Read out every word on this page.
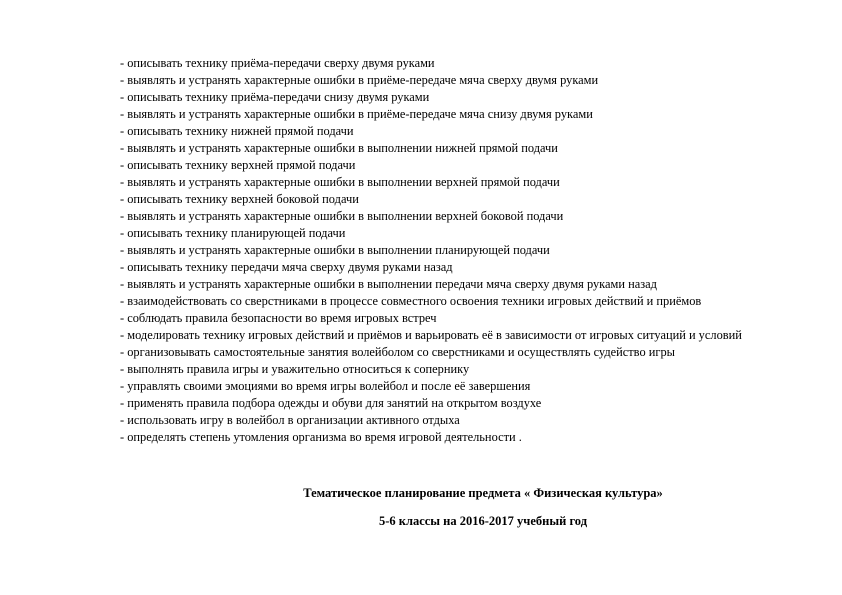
- описывать технику приёма-передачи сверху двумя руками
- выявлять и устранять характерные ошибки в приёме-передаче мяча сверху двумя руками
- описывать технику приёма-передачи снизу двумя руками
- выявлять и устранять характерные ошибки в приёме-передаче мяча снизу двумя руками
- описывать технику нижней прямой подачи
- выявлять и устранять характерные ошибки в выполнении нижней прямой подачи
- описывать технику верхней прямой подачи
- выявлять и устранять характерные ошибки в выполнении верхней прямой подачи
- описывать технику верхней боковой подачи
- выявлять и устранять характерные ошибки в выполнении верхней боковой подачи
- описывать технику планирующей подачи
- выявлять и устранять характерные ошибки в выполнении планирующей подачи
- описывать технику передачи мяча сверху двумя руками назад
- выявлять и устранять характерные ошибки в выполнении передачи мяча сверху двумя руками назад
- взаимодействовать со сверстниками в процессе совместного освоения техники игровых действий и приёмов
- соблюдать правила безопасности во время игровых встреч
- моделировать технику игровых действий и приёмов и варьировать её в зависимости от игровых ситуаций и условий
- организовывать самостоятельные занятия волейболом со сверстниками и осуществлять судейство игры
- выполнять правила игры и уважительно относиться к сопернику
- управлять своими эмоциями во время игры волейбол и после её завершения
- применять правила подбора одежды и обуви для занятий на открытом воздухе
- использовать игру в волейбол в организации активного отдыха
- определять степень утомления организма во время игровой деятельности .

Тематическое планирование предмета « Физическая культура»

5-6 классы на 2016-2017 учебный год
